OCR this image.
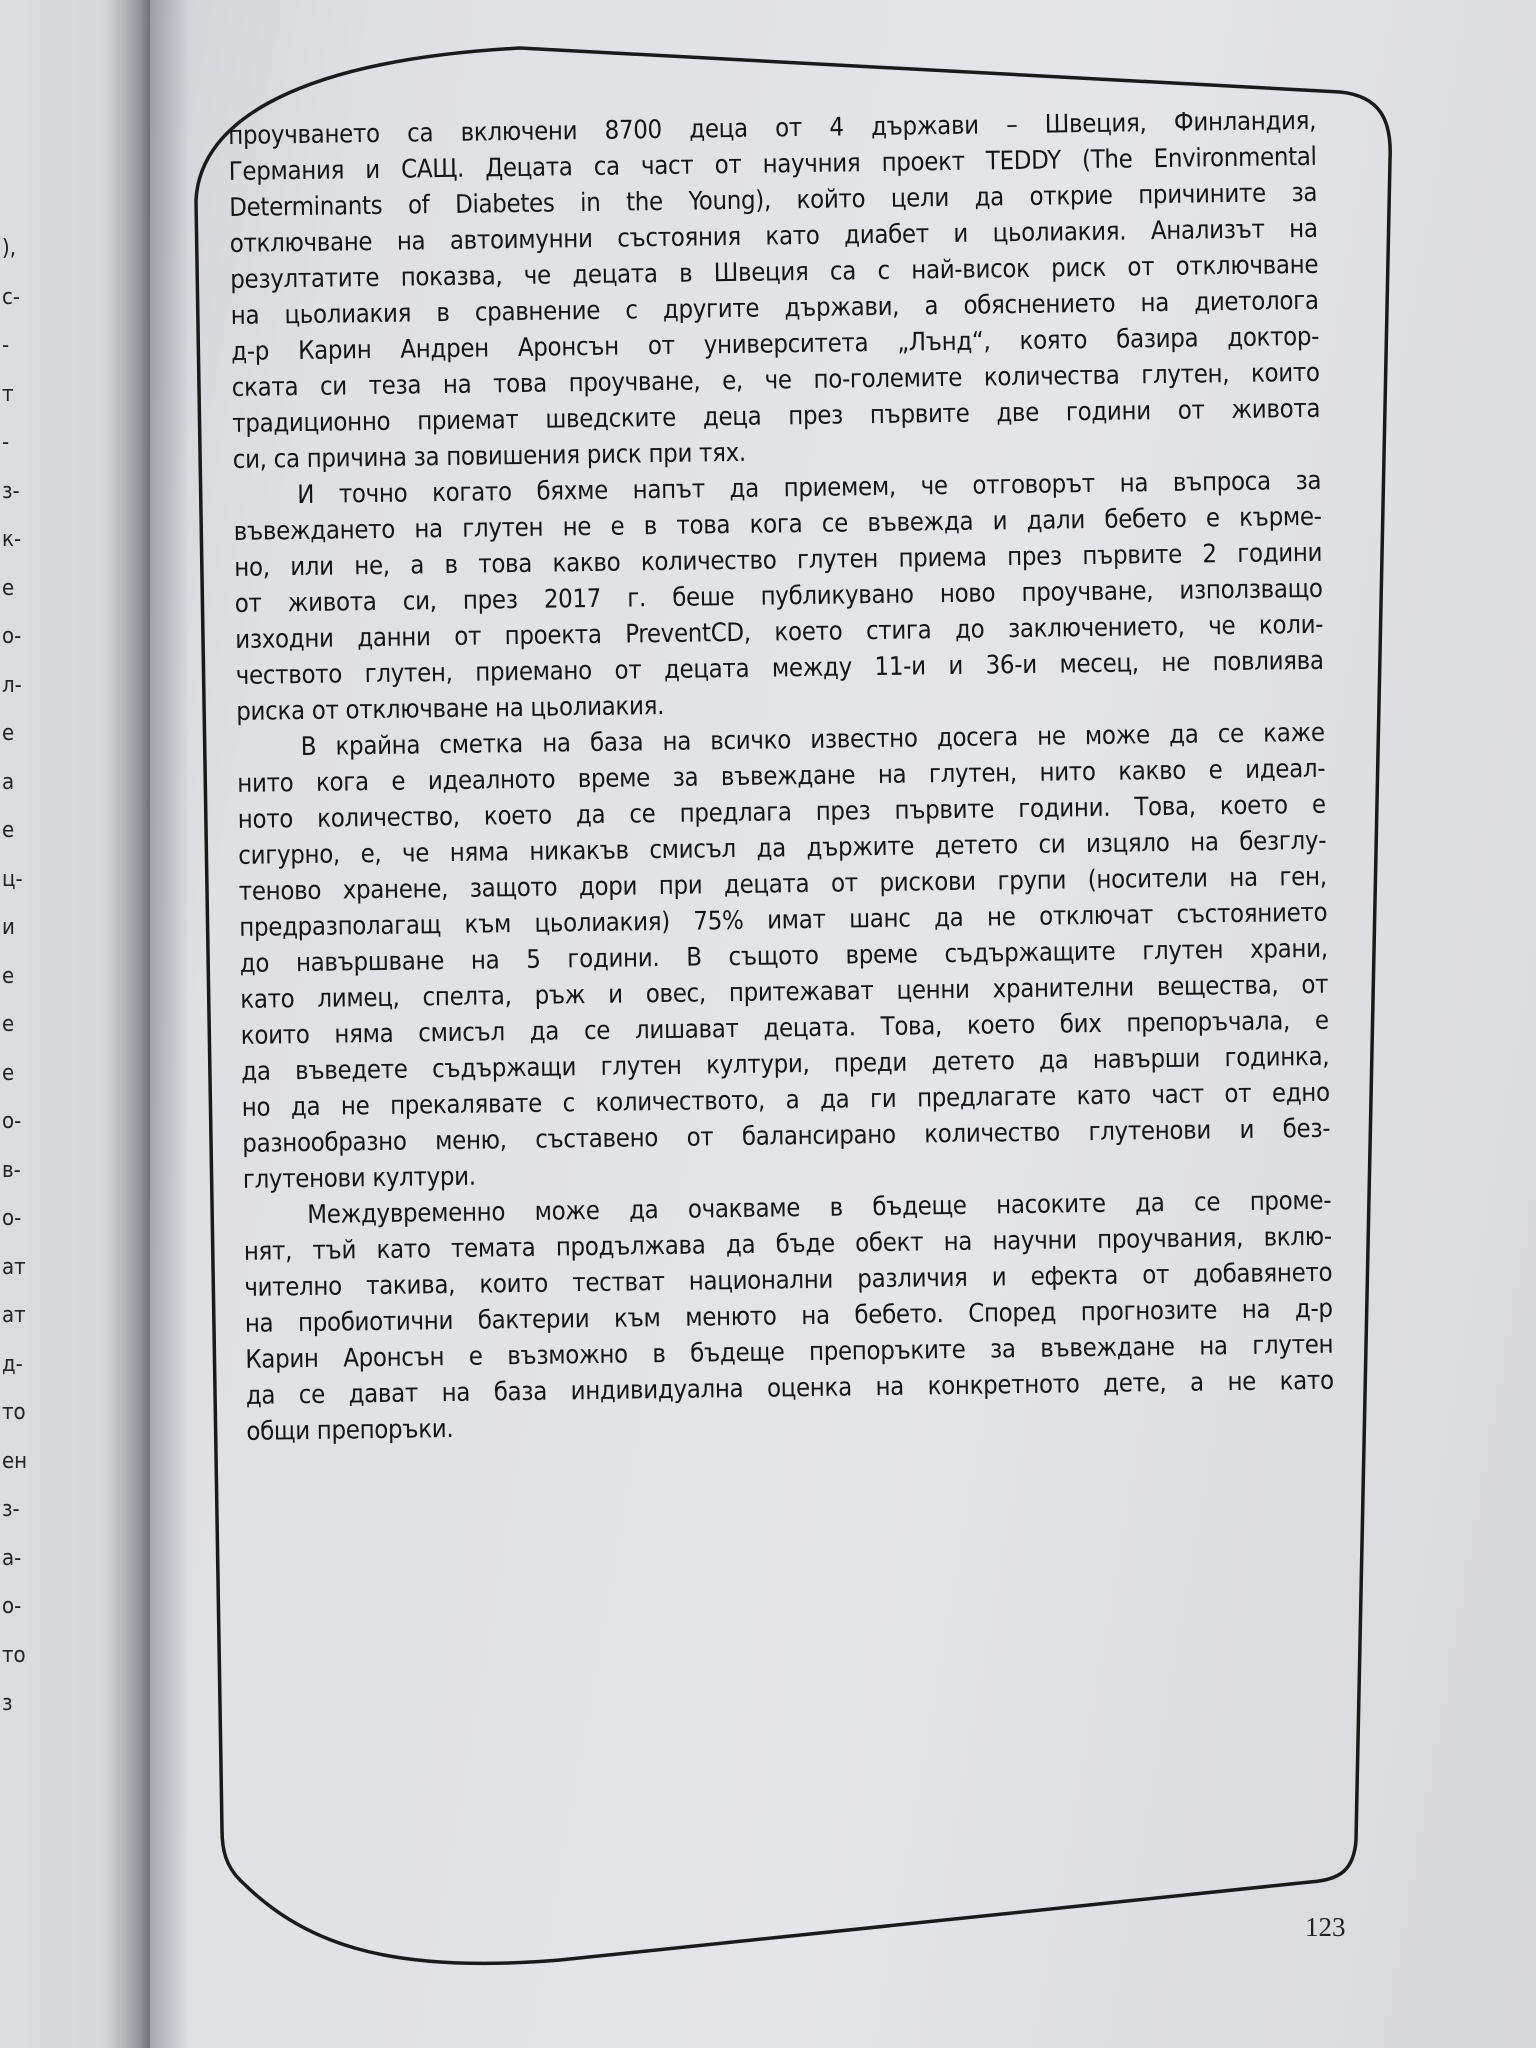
),
с-
-
т
-
з-
к-
е
о-
л-
е
а
е
ц-
и
е
е
е
о-
в-
о-
ат
ат
д-
то
ен
з-
а-
о-
то
з
проучването са включени 8700 деца от 4 държави – Швеция, Финландия,
Германия и САЩ. Децата са част от научния проект TEDDY (The Environmental
Determinants of Diabetes in the Young), който цели да открие причините за
отключване на автоимунни състояния като диабет и цьолиакия. Анализът на
резултатите показва, че децата в Швеция са с най-висок риск от отключване
на цьолиакия в сравнение с другите държави, а обяснението на диетолога
д-р Карин Андрен Аронсън от университета „Лънд“, която базира доктор-
ската си теза на това проучване, е, че по-големите количества глутен, които
традиционно приемат шведските деца през първите две години от живота
си, са причина за повишения риск при тях.
И точно когато бяхме напът да приемем, че отговорът на въпроса за
въвеждането на глутен не е в това кога се въвежда и дали бебето е кърме-
но, или не, а в това какво количество глутен приема през първите 2 години
от живота си, през 2017 г. беше публикувано ново проучване, използващо
изходни данни от проекта PreventCD, което стига до заключението, че коли-
чеството глутен, приемано от децата между 11-и и 36-и месец, не повлиява
риска от отключване на цьолиакия.
В крайна сметка на база на всичко известно досега не може да се каже
нито кога е идеалното време за въвеждане на глутен, нито какво е идеал-
ното количество, което да се предлага през първите години. Това, което е
сигурно, е, че няма никакъв смисъл да държите детето си изцяло на безглу-
теново хранене, защото дори при децата от рискови групи (носители на ген,
предразполагащ към цьолиакия) 75% имат шанс да не отключат състоянието
до навършване на 5 години. В същото време съдържащите глутен храни,
като лимец, спелта, ръж и овес, притежават ценни хранителни вещества, от
които няма смисъл да се лишават децата. Това, което бих препоръчала, е
да въведете съдържащи глутен култури, преди детето да навърши годинка,
но да не прекалявате с количеството, а да ги предлагате като част от едно
разнообразно меню, съставено от балансирано количество глутенови и без-
глутенови култури.
Междувременно може да очакваме в бъдеще насоките да се проме-
нят, тъй като темата продължава да бъде обект на научни проучвания, вклю-
чително такива, които тестват национални различия и ефекта от добавянето
на пробиотични бактерии към менюто на бебето. Според прогнозите на д-р
Карин Аронсън е възможно в бъдеще препоръките за въвеждане на глутен
да се дават на база индивидуална оценка на конкретното дете, а не като
общи препоръки.
123
